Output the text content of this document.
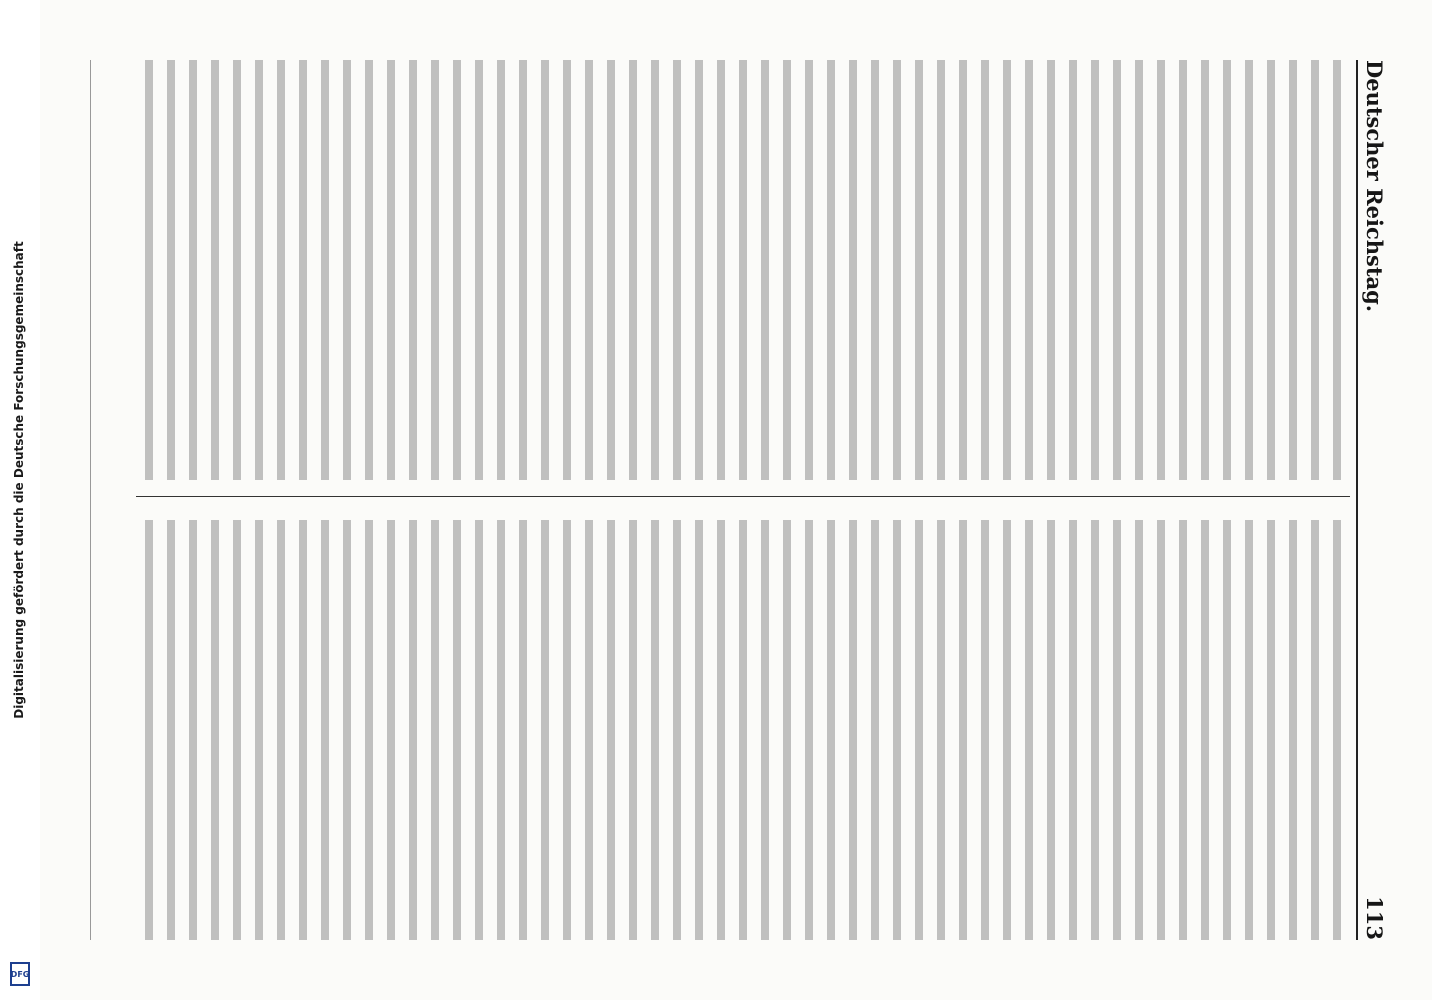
Deutscher Reichstag.
113

Digitalisierung gefördert durch die Deutsche Forschungsgemeinschaft
DFG
